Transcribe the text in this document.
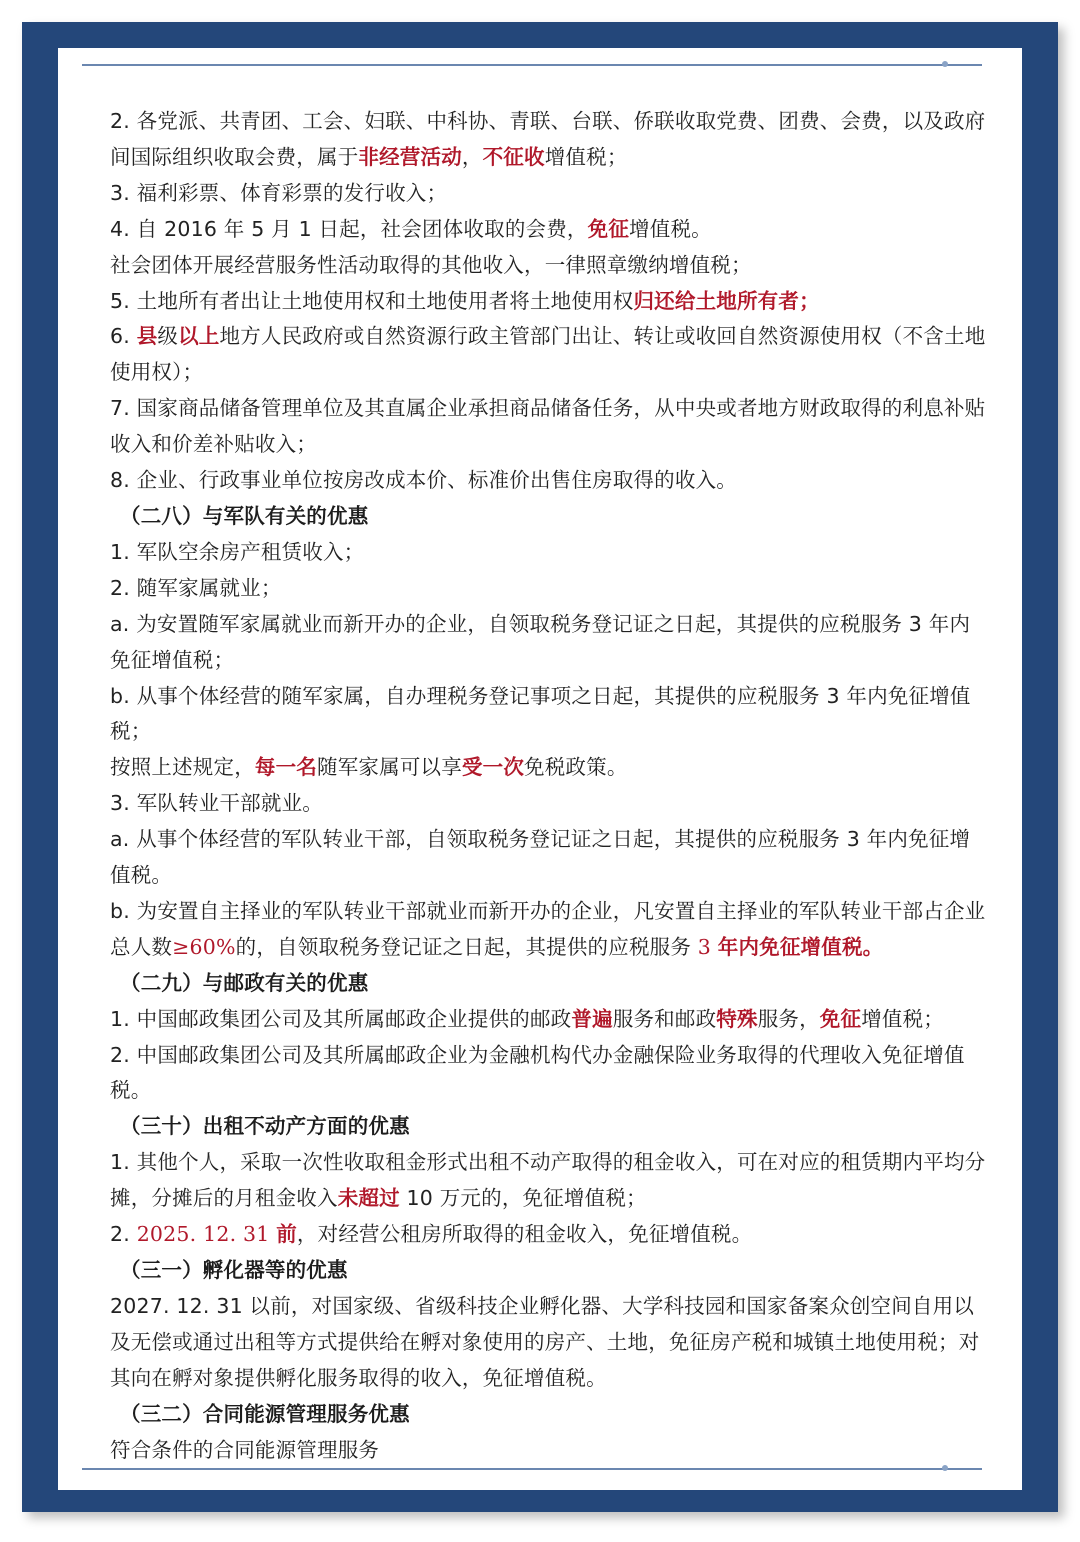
2. 各党派、共青团、工会、妇联、中科协、青联、台联、侨联收取党费、团费、会费，以及政府间国际组织收取会费，属于非经营活动，不征收增值税；

3. 福利彩票、体育彩票的发行收入；

4. 自 2016 年 5 月 1 日起，社会团体收取的会费，免征增值税。

社会团体开展经营服务性活动取得的其他收入，一律照章缴纳增值税；

5. 土地所有者出让土地使用权和土地使用者将土地使用权归还给土地所有者；

6. 县级以上地方人民政府或自然资源行政主管部门出让、转让或收回自然资源使用权（不含土地使用权）；

7. 国家商品储备管理单位及其直属企业承担商品储备任务，从中央或者地方财政取得的利息补贴收入和价差补贴收入；

8. 企业、行政事业单位按房改成本价、标准价出售住房取得的收入。

（二八）与军队有关的优惠

1. 军队空余房产租赁收入；

2. 随军家属就业；

a. 为安置随军家属就业而新开办的企业，自领取税务登记证之日起，其提供的应税服务 3 年内免征增值税；

b. 从事个体经营的随军家属，自办理税务登记事项之日起，其提供的应税服务 3 年内免征增值税；

按照上述规定，每一名随军家属可以享受一次免税政策。

3. 军队转业干部就业。

a. 从事个体经营的军队转业干部，自领取税务登记证之日起，其提供的应税服务 3 年内免征增值税。

b. 为安置自主择业的军队转业干部就业而新开办的企业，凡安置自主择业的军队转业干部占企业总人数≥60%的，自领取税务登记证之日起，其提供的应税服务 3 年内免征增值税。

（二九）与邮政有关的优惠

1. 中国邮政集团公司及其所属邮政企业提供的邮政普遍服务和邮政特殊服务，免征增值税；

2. 中国邮政集团公司及其所属邮政企业为金融机构代办金融保险业务取得的代理收入免征增值税。

（三十）出租不动产方面的优惠

1. 其他个人，采取一次性收取租金形式出租不动产取得的租金收入，可在对应的租赁期内平均分摊，分摊后的月租金收入未超过 10 万元的，免征增值税；

2. 2025. 12. 31 前，对经营公租房所取得的租金收入，免征增值税。

（三一）孵化器等的优惠

2027. 12. 31 以前，对国家级、省级科技企业孵化器、大学科技园和国家备案众创空间自用以及无偿或通过出租等方式提供给在孵对象使用的房产、土地，免征房产税和城镇土地使用税；对其向在孵对象提供孵化服务取得的收入，免征增值税。

（三二）合同能源管理服务优惠

符合条件的合同能源管理服务
